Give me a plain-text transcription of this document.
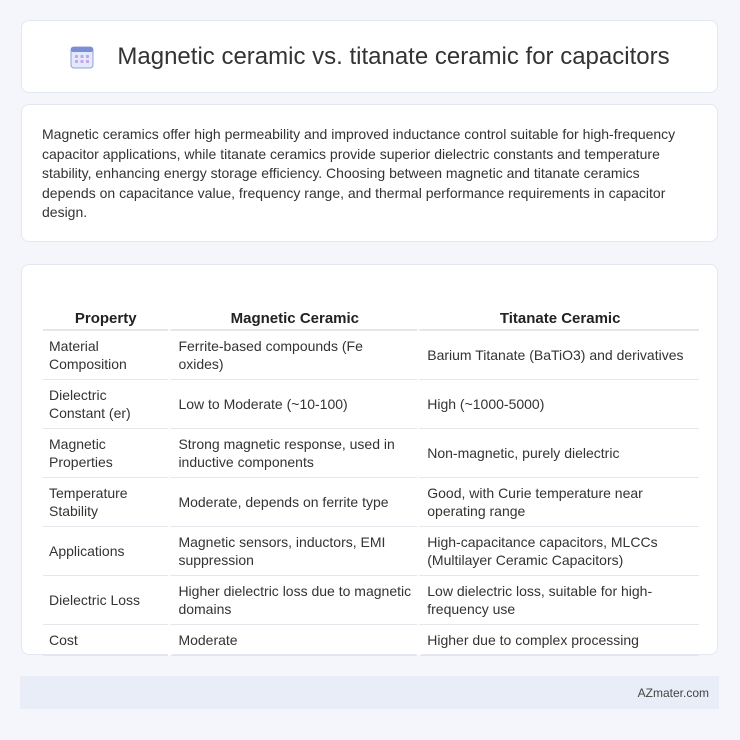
Magnetic ceramic vs. titanate ceramic for capacitors

Magnetic ceramics offer high permeability and improved inductance control suitable for high-frequency capacitor applications, while titanate ceramics provide superior dielectric constants and temperature stability, enhancing energy storage efficiency. Choosing between magnetic and titanate ceramics depends on capacitance value, frequency range, and thermal performance requirements in capacitor design.

Property	Magnetic Ceramic	Titanate Ceramic
Material Composition	Ferrite-based compounds (Fe oxides)	Barium Titanate (BaTiO3) and derivatives
Dielectric Constant (er)	Low to Moderate (~10-100)	High (~1000-5000)
Magnetic Properties	Strong magnetic response, used in inductive components	Non-magnetic, purely dielectric
Temperature Stability	Moderate, depends on ferrite type	Good, with Curie temperature near operating range
Applications	Magnetic sensors, inductors, EMI suppression	High-capacitance capacitors, MLCCs (Multilayer Ceramic Capacitors)
Dielectric Loss	Higher dielectric loss due to magnetic domains	Low dielectric loss, suitable for high-frequency use
Cost	Moderate	Higher due to complex processing
AZmater.com
